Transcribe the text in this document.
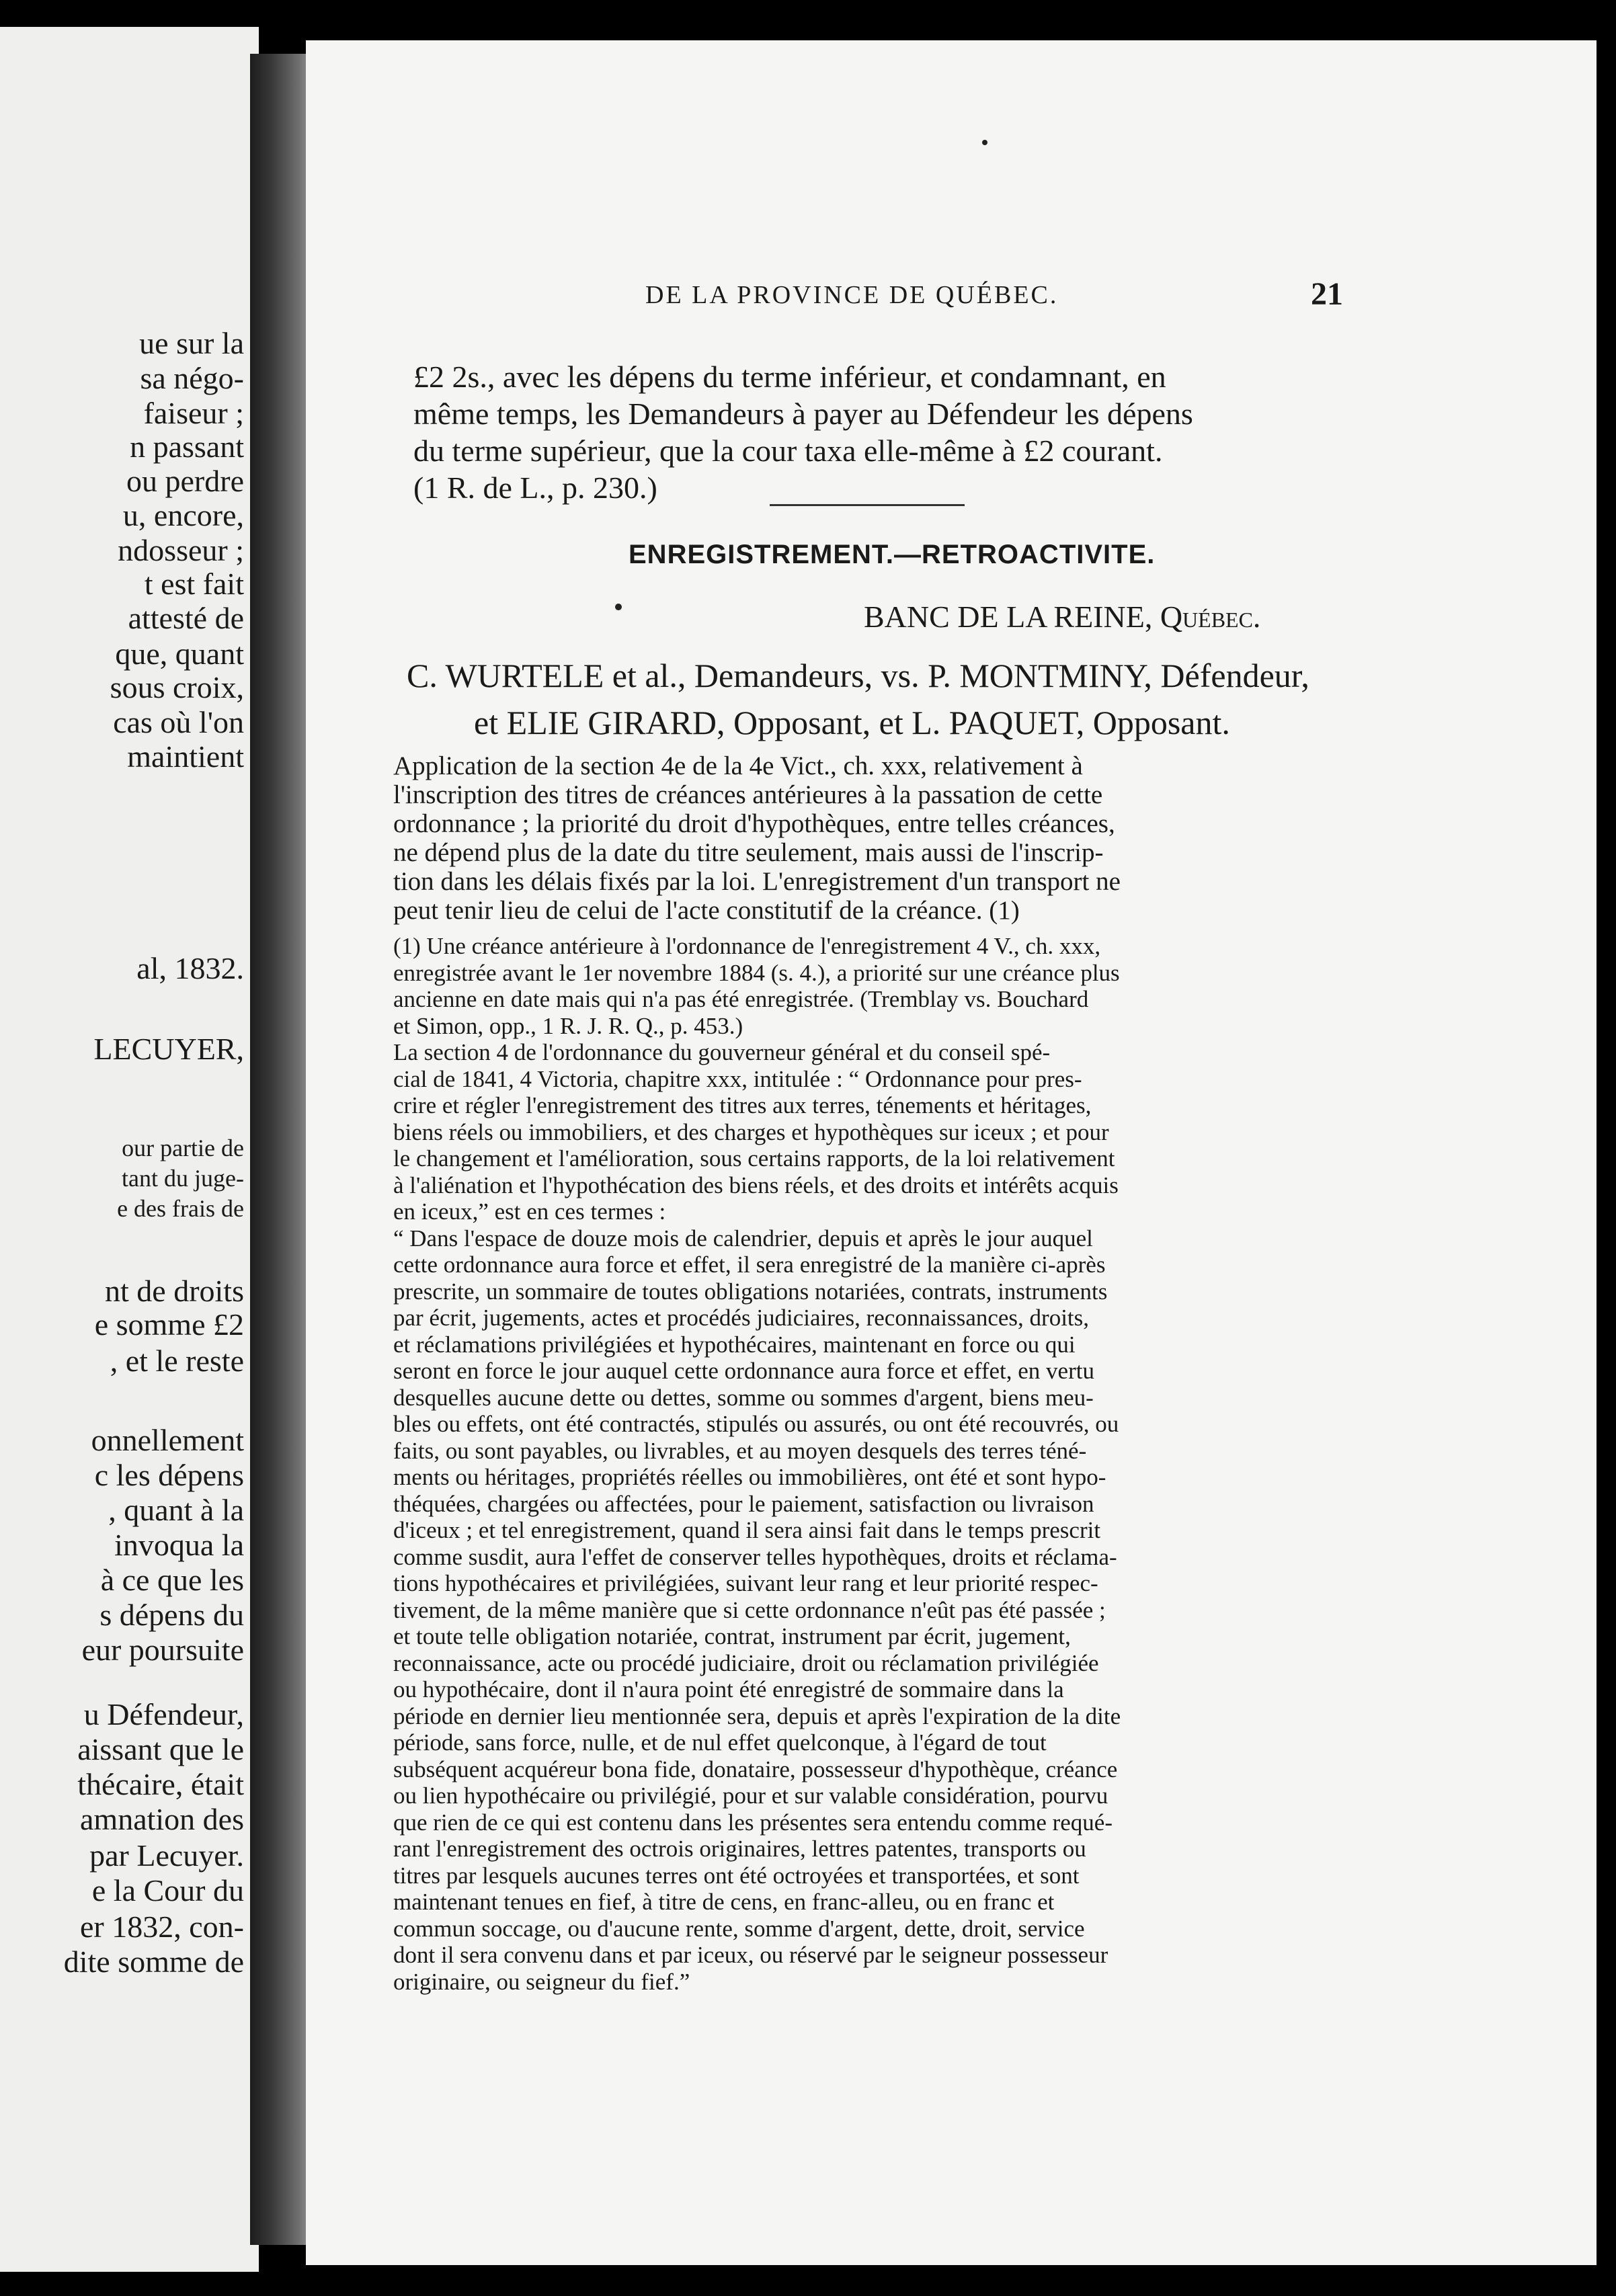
ue sur la
sa négo-
faiseur ;
n passant
ou perdre
u, encore,
ndosseur ;
t est fait
attesté de
que, quant
sous croix,
cas où l'on
maintient
al, 1832.
LECUYER,
our partie de
tant du juge-
e des frais de
nt de droits
e somme £2
, et le reste
onnellement
c les dépens
, quant à la
invoqua la
à ce que les
s dépens du
eur poursuite
u Défendeur,
aissant que le
thécaire, était
amnation des
par Lecuyer.
e la Cour du
er 1832, con-
dite somme de
DE LA PROVINCE DE QUÉBEC.	21
£2 2s., avec les dépens du terme inférieur, et condamnant, en
même temps, les Demandeurs à payer au Défendeur les dépens
du terme supérieur, que la cour taxa elle-même à £2 courant.
(1 R. de L., p. 230.)
ENREGISTREMENT.—RETROACTIVITE.
BANC DE LA REINE, Québec.
C. WURTELE et al., Demandeurs, vs. P. MONTMINY, Défendeur,
et ELIE GIRARD, Opposant, et L. PAQUET, Opposant.
Application de la section 4e de la 4e Vict., ch. xxx, relativement à
l'inscription des titres de créances antérieures à la passation de cette
ordonnance ; la priorité du droit d'hypothèques, entre telles créances,
ne dépend plus de la date du titre seulement, mais aussi de l'inscrip-
tion dans les délais fixés par la loi. L'enregistrement d'un transport ne
peut tenir lieu de celui de l'acte constitutif de la créance. (1)
(1) Une créance antérieure à l'ordonnance de l'enregistrement 4 V., ch. xxx,
enregistrée avant le 1er novembre 1884 (s. 4.), a priorité sur une créance plus
ancienne en date mais qui n'a pas été enregistrée. (Tremblay vs. Bouchard
et Simon, opp., 1 R. J. R. Q., p. 453.)
La section 4 de l'ordonnance du gouverneur général et du conseil spé-
cial de 1841, 4 Victoria, chapitre xxx, intitulée : “ Ordonnance pour pres-
crire et régler l'enregistrement des titres aux terres, ténements et héritages,
biens réels ou immobiliers, et des charges et hypothèques sur iceux ; et pour
le changement et l'amélioration, sous certains rapports, de la loi relativement
à l'aliénation et l'hypothécation des biens réels, et des droits et intérêts acquis
en iceux,” est en ces termes :
“ Dans l'espace de douze mois de calendrier, depuis et après le jour auquel
cette ordonnance aura force et effet, il sera enregistré de la manière ci-après
prescrite, un sommaire de toutes obligations notariées, contrats, instruments
par écrit, jugements, actes et procédés judiciaires, reconnaissances, droits,
et réclamations privilégiées et hypothécaires, maintenant en force ou qui
seront en force le jour auquel cette ordonnance aura force et effet, en vertu
desquelles aucune dette ou dettes, somme ou sommes d'argent, biens meu-
bles ou effets, ont été contractés, stipulés ou assurés, ou ont été recouvrés, ou
faits, ou sont payables, ou livrables, et au moyen desquels des terres téné-
ments ou héritages, propriétés réelles ou immobilières, ont été et sont hypo-
théquées, chargées ou affectées, pour le paiement, satisfaction ou livraison
d'iceux ; et tel enregistrement, quand il sera ainsi fait dans le temps prescrit
comme susdit, aura l'effet de conserver telles hypothèques, droits et réclama-
tions hypothécaires et privilégiées, suivant leur rang et leur priorité respec-
tivement, de la même manière que si cette ordonnance n'eût pas été passée ;
et toute telle obligation notariée, contrat, instrument par écrit, jugement,
reconnaissance, acte ou procédé judiciaire, droit ou réclamation privilégiée
ou hypothécaire, dont il n'aura point été enregistré de sommaire dans la
période en dernier lieu mentionnée sera, depuis et après l'expiration de la dite
période, sans force, nulle, et de nul effet quelconque, à l'égard de tout
subséquent acquéreur bona fide, donataire, possesseur d'hypothèque, créance
ou lien hypothécaire ou privilégié, pour et sur valable considération, pourvu
que rien de ce qui est contenu dans les présentes sera entendu comme requé-
rant l'enregistrement des octrois originaires, lettres patentes, transports ou
titres par lesquels aucunes terres ont été octroyées et transportées, et sont
maintenant tenues en fief, à titre de cens, en franc-alleu, ou en franc et
commun soccage, ou d'aucune rente, somme d'argent, dette, droit, service
dont il sera convenu dans et par iceux, ou réservé par le seigneur possesseur
originaire, ou seigneur du fief.”
